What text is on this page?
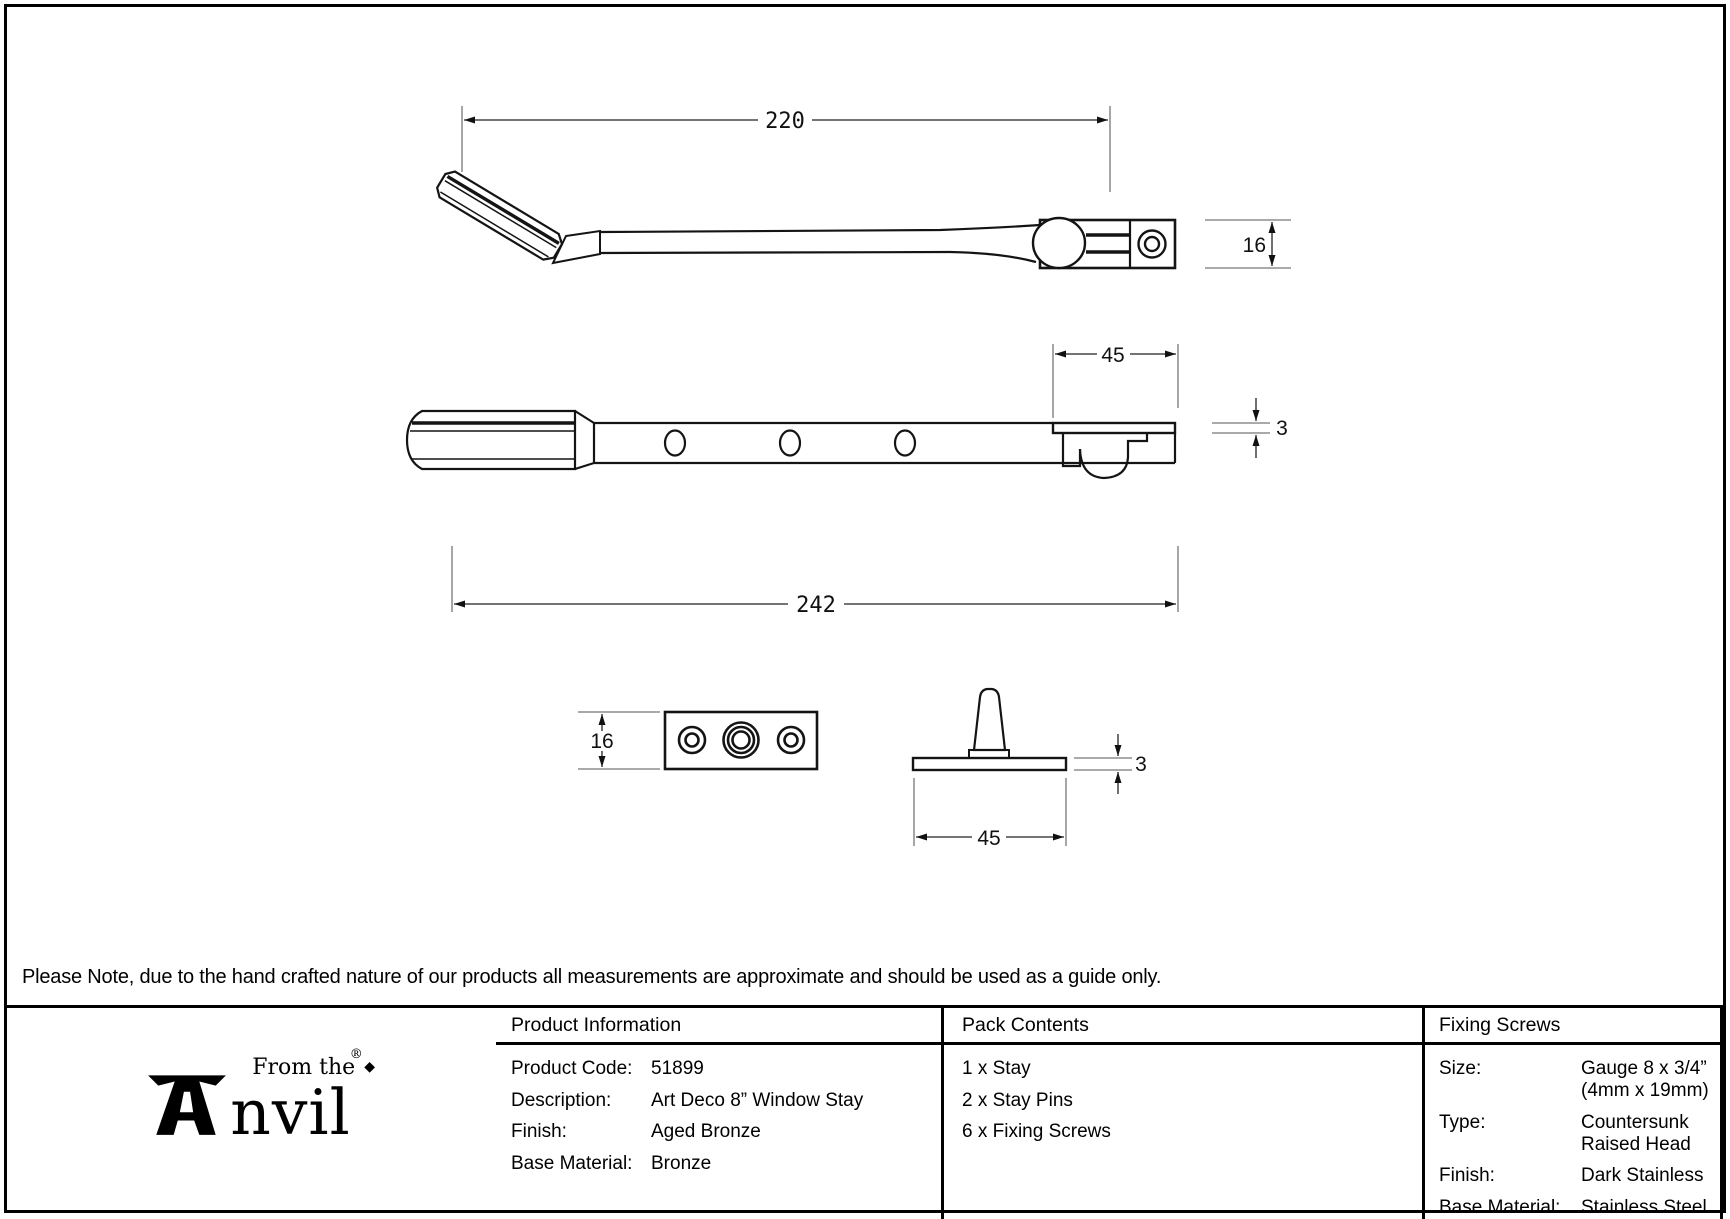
220
16
45
3
242
16
45
3
Please Note, due to the hand crafted nature of our products all measurements are approximate and should be used as a guide only.
Product Information	Pack Contents	Fixing Screws
nvil
From the ◆
®
Product Code: 51899
Description:	Art Deco 8” Window Stay
Finish:	Aged Bronze
Base Material: Bronze
1 x Stay
2 x Stay Pins
6 x Fixing Screws
Size:	Gauge 8 x 3/4” (4mm x 19mm)
Type:	Countersunk Raised Head
Finish:	Dark Stainless
Base Material:	Stainless Steel
